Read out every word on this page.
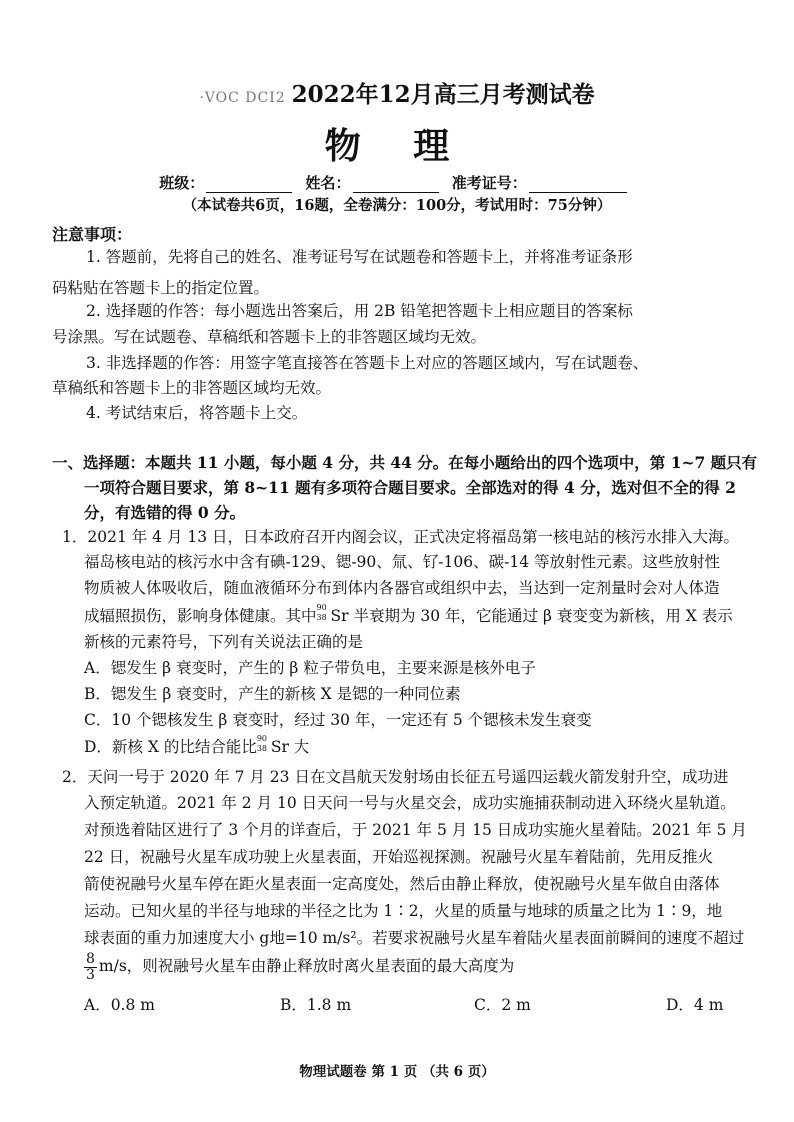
·VOC DCI2 2022年12月高三月考测试卷
物 理
班级：	姓名：	准考证号：
（本试卷共6页，16题，全卷满分：100分，考试用时：75分钟）
注意事项：
1. 答题前，先将自己的姓名、准考证号写在试题卷和答题卡上，并将准考证条形
码粘贴在答题卡上的指定位置。
2. 选择题的作答：每小题选出答案后，用 2B 铅笔把答题卡上相应题目的答案标
号涂黑。写在试题卷、草稿纸和答题卡上的非答题区域均无效。
3. 非选择题的作答：用签字笔直接答在答题卡上对应的答题区域内，写在试题卷、
草稿纸和答题卡上的非答题区域均无效。
4. 考试结束后，将答题卡上交。
一、选择题：本题共 11 小题，每小题 4 分，共 44 分。在每小题给出的四个选项中，第 1~7 题只有
一项符合题目要求，第 8~11 题有多项符合题目要求。全部选对的得 4 分，选对但不全的得 2
分，有选错的得 0 分。
1．2021 年 4 月 13 日，日本政府召开内阁会议，正式决定将福岛第一核电站的核污水排入大海。
福岛核电站的核污水中含有碘-129、锶-90、氚、钌-106、碳-14 等放射性元素。这些放射性
物质被人体吸收后，随血液循环分布到体内各器官或组织中去，当达到一定剂量时会对人体造
成辐照损伤，影响身体健康。其中 90
38 Sr 半衰期为 30 年，它能通过 β 衰变变为新核，用 X 表示
新核的元素符号，下列有关说法正确的是
A．锶发生 β 衰变时，产生的 β 粒子带负电，主要来源是核外电子
B．锶发生 β 衰变时，产生的新核 X 是锶的一种同位素
C．10 个锶核发生 β 衰变时，经过 30 年，一定还有 5 个锶核未发生衰变
D．新核 X 的比结合能比 90
38 Sr 大
2．天问一号于 2020 年 7 月 23 日在文昌航天发射场由长征五号遥四运载火箭发射升空，成功进
入预定轨道。2021 年 2 月 10 日天问一号与火星交会，成功实施捕获制动进入环绕火星轨道。
对预选着陆区进行了 3 个月的详查后，于 2021 年 5 月 15 日成功实施火星着陆。2021 年 5 月
22 日，祝融号火星车成功驶上火星表面，开始巡视探测。祝融号火星车着陆前，先用反推火
箭使祝融号火星车停在距火星表面一定高度处，然后由静止释放，使祝融号火星车做自由落体
运动。已知火星的半径与地球的半径之比为 1∶2，火星的质量与地球的质量之比为 1∶9，地
球表面的重力加速度大小 g地=10 m/s²。若要求祝融号火星车着陆火星表面前瞬间的速度不超过
$\frac{8}{3} m/s$，则祝融号火星车由静止释放时离火星表面的最大高度为
A．0.8 m	B．1.8 m	C．2 m	D．4 m
物理试题卷 第 1 页 （共 6 页）
